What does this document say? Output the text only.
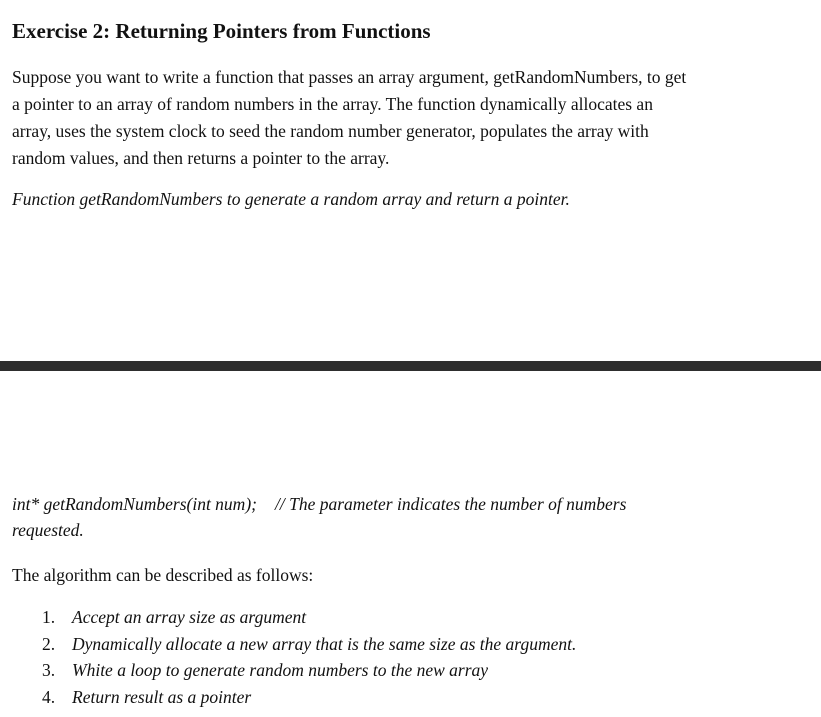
Exercise 2: Returning Pointers from Functions

Suppose you want to write a function that passes an array argument, getRandomNumbers, to get
a pointer to an array of random numbers in the array. The function dynamically allocates an
array, uses the system clock to seed the random number generator, populates the array with
random values, and then returns a pointer to the array.

Function getRandomNumbers to generate a random array and return a pointer.

int* getRandomNumbers(int num); // The parameter indicates the number of numbers
requested.

The algorithm can be described as follows:

1. Accept an array size as argument
2. Dynamically allocate a new array that is the same size as the argument.
3. White a loop to generate random numbers to the new array
4. Return result as a pointer
